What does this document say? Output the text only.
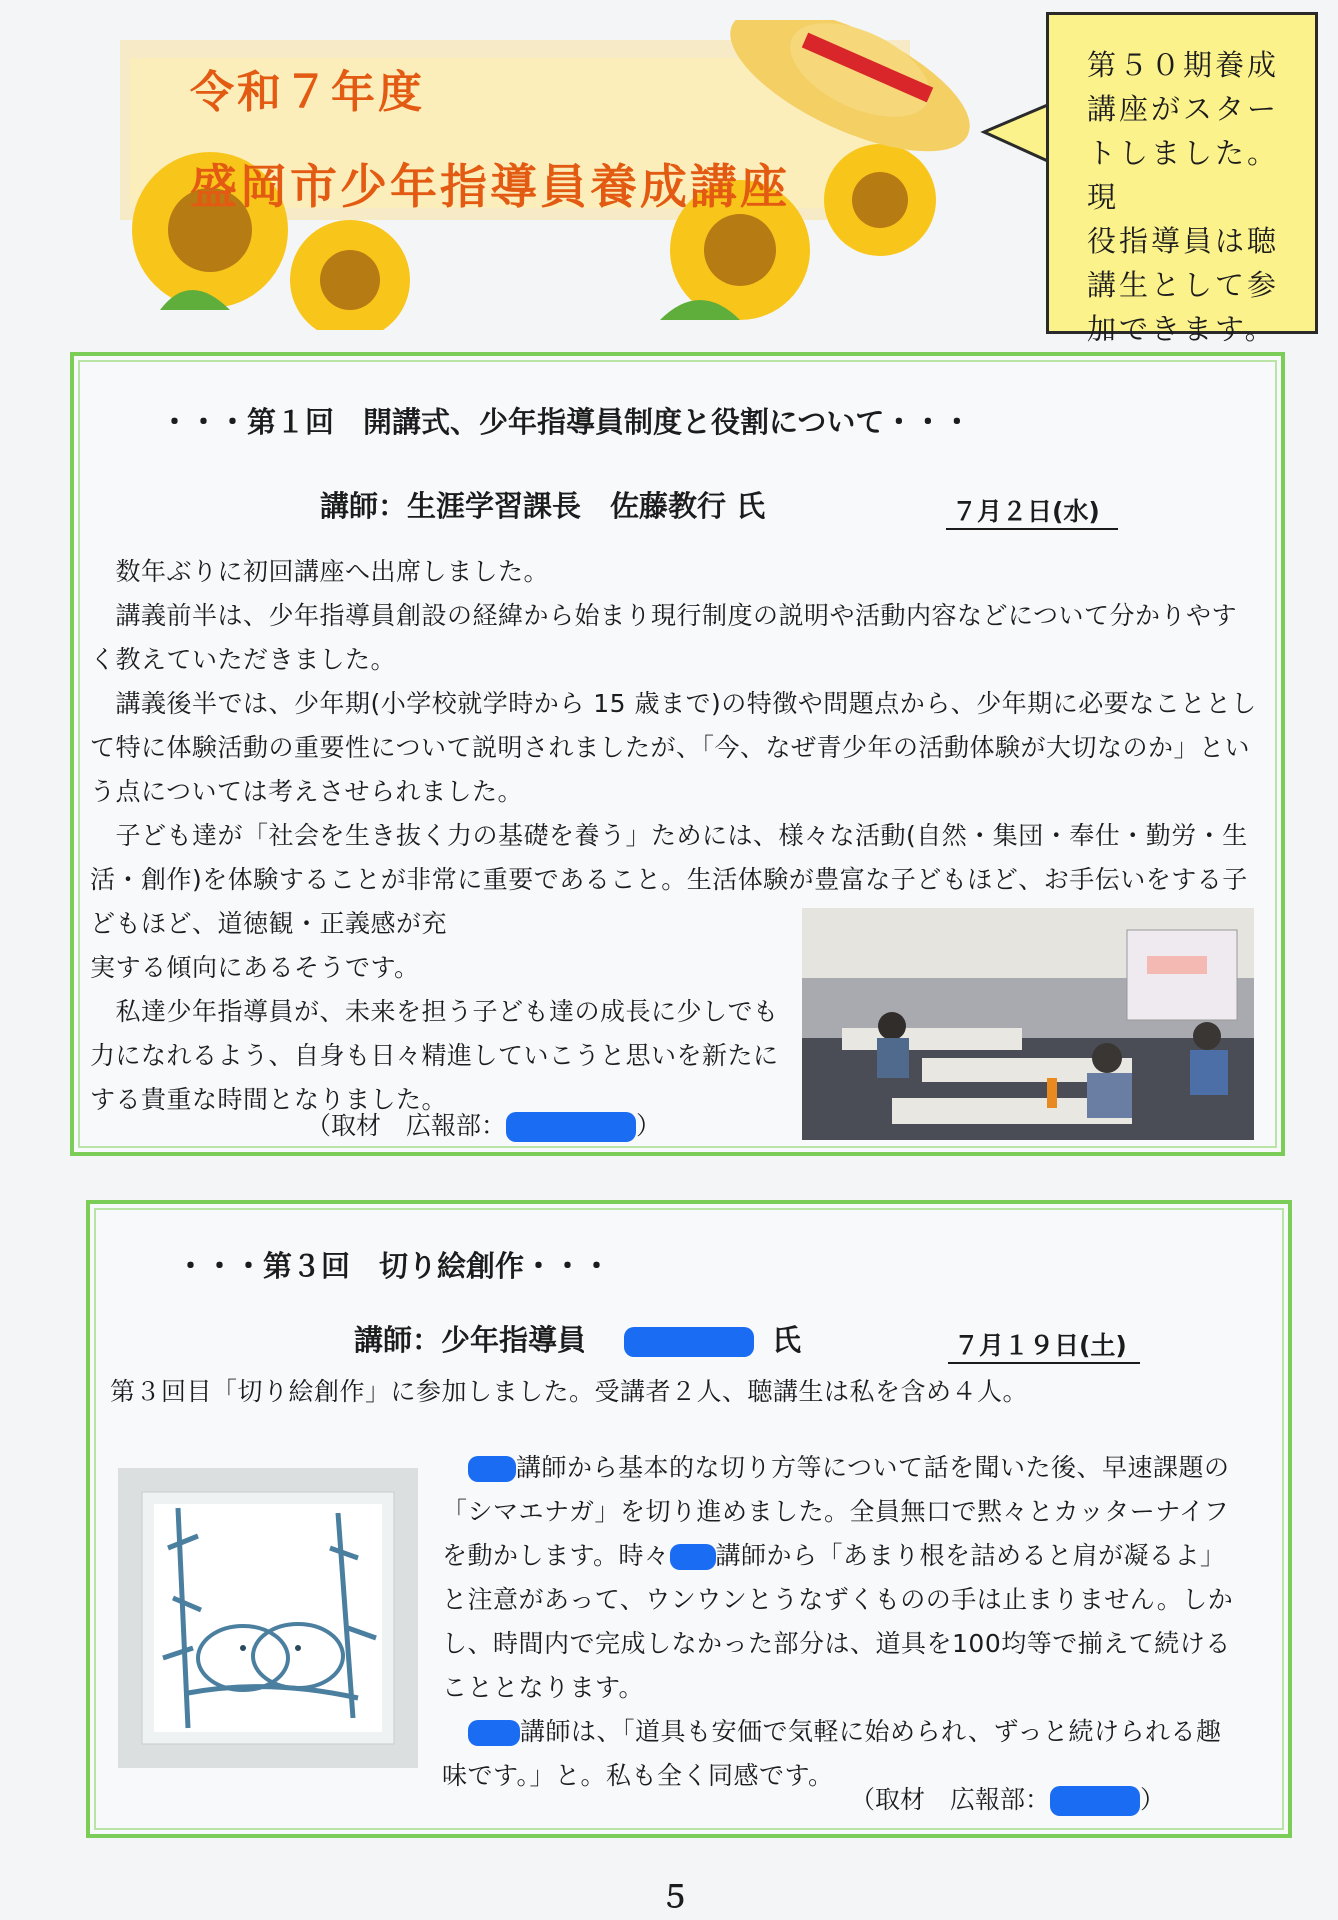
令和７年度
盛岡市少年指導員養成講座
第５０期養成
講座がスター
トしました。現
役指導員は聴
講生として参
加できます。
・・・第１回　開講式、少年指導員制度と役割について・・・
講師：生涯学習課長　佐藤教行 氏	７月２日(水)

　数年ぶりに初回講座へ出席しました。

　講義前半は、少年指導員創設の経緯から始まり現行制度の説明や活動内容などについて分かりやすく教えていただきました。

　講義後半では、少年期(小学校就学時から 15 歳まで)の特徴や問題点から、少年期に必要なこととして特に体験活動の重要性について説明されましたが、「今、なぜ青少年の活動体験が大切なのか」という点については考えさせられました。

　子ども達が「社会を生き抜く力の基礎を養う」ためには、様々な活動(自然・集団・奉仕・勤労・生活・創作)を体験することが非常に重要であること。生活体験が豊富な子どもほど、お手伝いをする子どもほど、道徳観・正義感が充

実する傾向にあるそうです。

　私達少年指導員が、未来を担う子ども達の成長に少しでも力になれるよう、自身も日々精進していこうと思いを新たにする貴重な時間となりました。

（取材　広報部：	）
・・・第３回　切り絵創作・・・
講師：少年指導員	氏	７月１９日(土)
第３回目「切り絵創作」に参加しました。受講者２人、聴講生は私を含め４人。

講師から基本的な切り方等について話を聞いた後、早速課題の「シマエナガ」を切り進めました。全員無口で黙々とカッターナイフを動かします。時々 講師から「あまり根を詰めると肩が凝るよ」と注意があって、ウンウンとうなずくものの手は止まりません。しかし、時間内で完成しなかった部分は、道具を100均等で揃えて続けることとなります。

講師は、「道具も安価で気軽に始められ、ずっと続けられる趣味です。」と。私も全く同感です。

（取材　広報部：	）
５
